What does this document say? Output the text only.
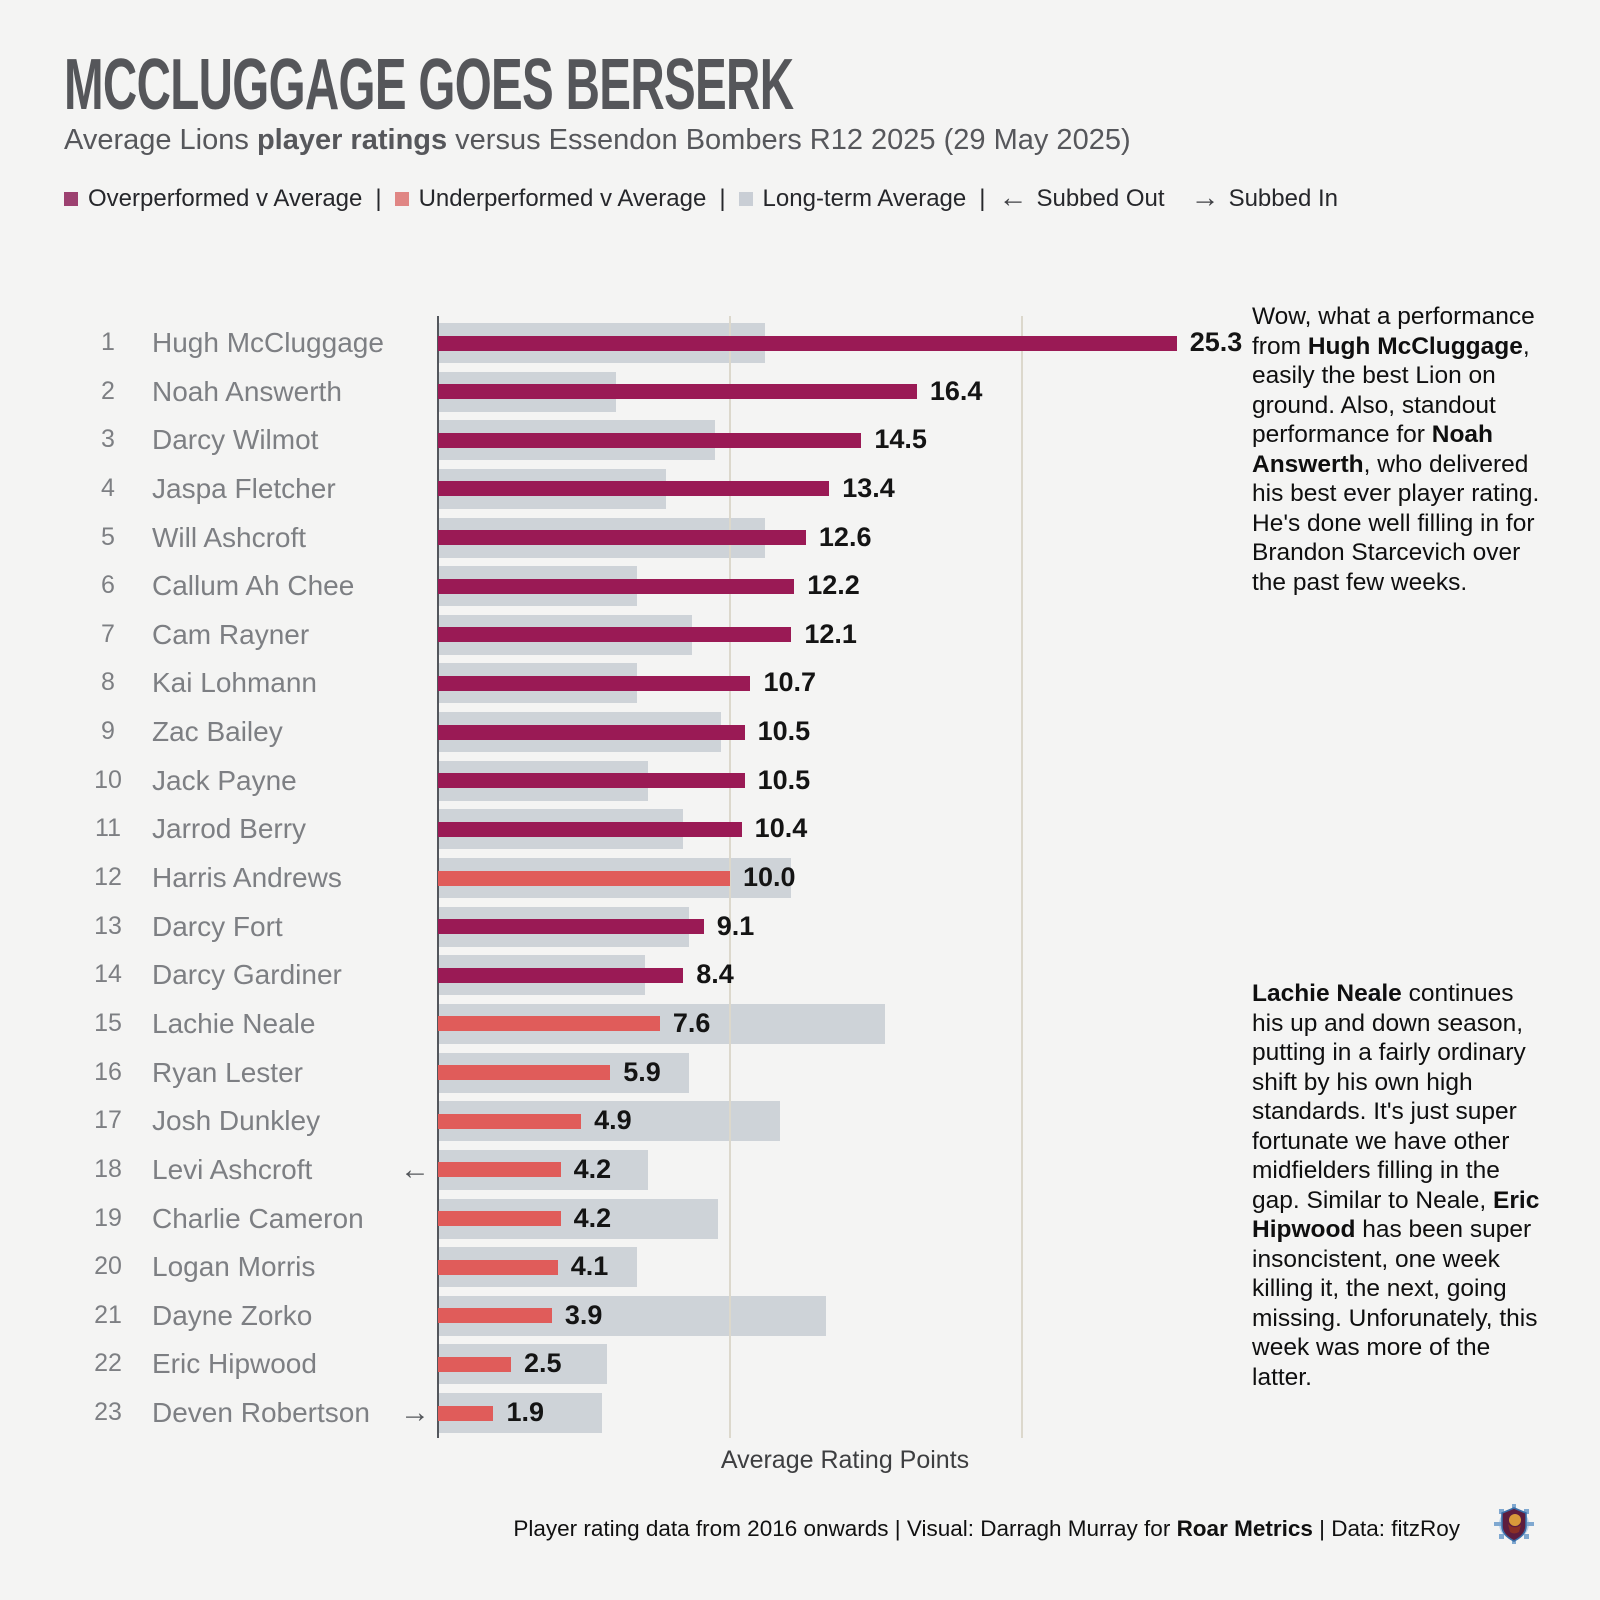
MCCLUGGAGE GOES BERSERK
Average Lions player ratings versus Essendon Bombers R12 2025 (29 May 2025)
Overperformed v Average | Underperformed v Average | Long-term Average | ← Subbed Out → Subbed In
1	Hugh McCluggage	25.3
2	Noah Answerth	16.4
3	Darcy Wilmot	14.5
4	Jaspa Fletcher	13.4
5	Will Ashcroft	12.6
6	Callum Ah Chee	12.2
7	Cam Rayner	12.1
8	Kai Lohmann	10.7
9	Zac Bailey	10.5
10 Jack Payne	10.5
11	Jarrod Berry	10.4
12 Harris Andrews	10.0
13 Darcy Fort	9.1
14 Darcy Gardiner	8.4
15 Lachie Neale	7.6
16 Ryan Lester	5.9
17 Josh Dunkley	4.9
18 Levi Ashcroft	←	4.2
19 Charlie Cameron	4.2
20 Logan Morris	4.1
21 Dayne Zorko	3.9
22 Eric Hipwood	2.5
23 Deven Robertson →	1.9
Wow, what a performance from Hugh McCluggage, easily the best Lion on ground. Also, standout performance for Noah Answerth, who delivered his best ever player rating. He's done well filling in for Brandon Starcevich over the past few weeks.
Lachie Neale continues his up and down season, putting in a fairly ordinary shift by his own high standards. It's just super fortunate we have other midfielders filling in the gap. Similar to Neale, Eric Hipwood has been super insoncistent, one week killing it, the next, going missing. Unforunately, this week was more of the latter.
Average Rating Points
Player rating data from 2016 onwards | Visual: Darragh Murray for Roar Metrics | Data: fitzRoy
